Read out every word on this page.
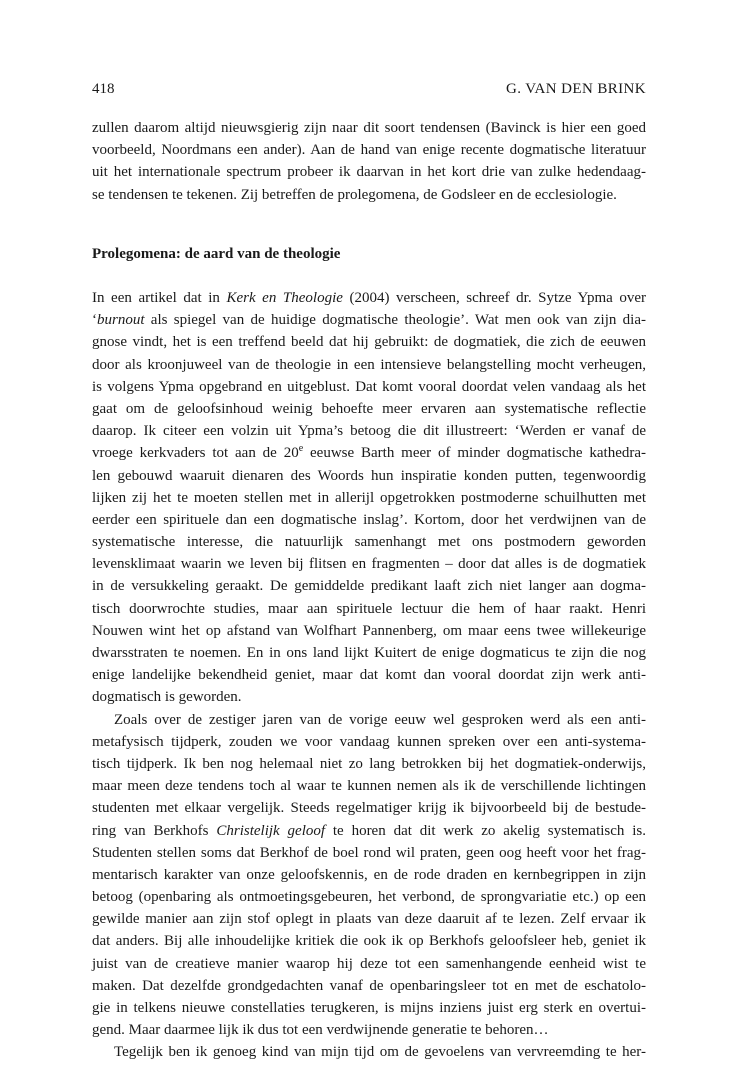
418	G. VAN DEN BRINK
zullen daarom altijd nieuwsgierig zijn naar dit soort tendensen (Bavinck is hier een goed
voorbeeld, Noordmans een ander). Aan de hand van enige recente dogmatische literatuur
uit het internationale spectrum probeer ik daarvan in het kort drie van zulke hedendaag-
se tendensen te tekenen. Zij betreffen de prolegomena, de Godsleer en de ecclesiologie.
Prolegomena: de aard van de theologie
In een artikel dat in Kerk en Theologie (2004) verscheen, schreef dr. Sytze Ypma over
‘burnout als spiegel van de huidige dogmatische theologie’. Wat men ook van zijn dia-
gnose vindt, het is een treffend beeld dat hij gebruikt: de dogmatiek, die zich de eeuwen
door als kroonjuweel van de theologie in een intensieve belangstelling mocht verheugen,
is volgens Ypma opgebrand en uitgeblust. Dat komt vooral doordat velen vandaag als het
gaat om de geloofsinhoud weinig behoefte meer ervaren aan systematische reflectie
daarop. Ik citeer een volzin uit Ypma’s betoog die dit illustreert: ‘Werden er vanaf de
vroege kerkvaders tot aan de 20e eeuwse Barth meer of minder dogmatische kathedra-
len gebouwd waaruit dienaren des Woords hun inspiratie konden putten, tegenwoordig
lijken zij het te moeten stellen met in allerijl opgetrokken postmoderne schuilhutten met
eerder een spirituele dan een dogmatische inslag’. Kortom, door het verdwijnen van de
systematische interesse, die natuurlijk samenhangt met ons postmodern geworden
levensklimaat waarin we leven bij flitsen en fragmenten – door dat alles is de dogmatiek
in de versukkeling geraakt. De gemiddelde predikant laaft zich niet langer aan dogma-
tisch doorwrochte studies, maar aan spirituele lectuur die hem of haar raakt. Henri
Nouwen wint het op afstand van Wolfhart Pannenberg, om maar eens twee willekeurige
dwarsstraten te noemen. En in ons land lijkt Kuitert de enige dogmaticus te zijn die nog
enige landelijke bekendheid geniet, maar dat komt dan vooral doordat zijn werk anti-
dogmatisch is geworden.
Zoals over de zestiger jaren van de vorige eeuw wel gesproken werd als een anti-
metafysisch tijdperk, zouden we voor vandaag kunnen spreken over een anti-systema-
tisch tijdperk. Ik ben nog helemaal niet zo lang betrokken bij het dogmatiek-onderwijs,
maar meen deze tendens toch al waar te kunnen nemen als ik de verschillende lichtingen
studenten met elkaar vergelijk. Steeds regelmatiger krijg ik bijvoorbeeld bij de bestude-
ring van Berkhofs Christelijk geloof te horen dat dit werk zo akelig systematisch is.
Studenten stellen soms dat Berkhof de boel rond wil praten, geen oog heeft voor het frag-
mentarisch karakter van onze geloofskennis, en de rode draden en kernbegrippen in zijn
betoog (openbaring als ontmoetingsgebeuren, het verbond, de sprongvariatie etc.) op een
gewilde manier aan zijn stof oplegt in plaats van deze daaruit af te lezen. Zelf ervaar ik
dat anders. Bij alle inhoudelijke kritiek die ook ik op Berkhofs geloofsleer heb, geniet ik
juist van de creatieve manier waarop hij deze tot een samenhangende eenheid wist te
maken. Dat dezelfde grondgedachten vanaf de openbaringsleer tot en met de eschatolo-
gie in telkens nieuwe constellaties terugkeren, is mijns inziens juist erg sterk en overtui-
gend. Maar daarmee lijk ik dus tot een verdwijnende generatie te behoren…
Tegelijk ben ik genoeg kind van mijn tijd om de gevoelens van vervreemding te her-
